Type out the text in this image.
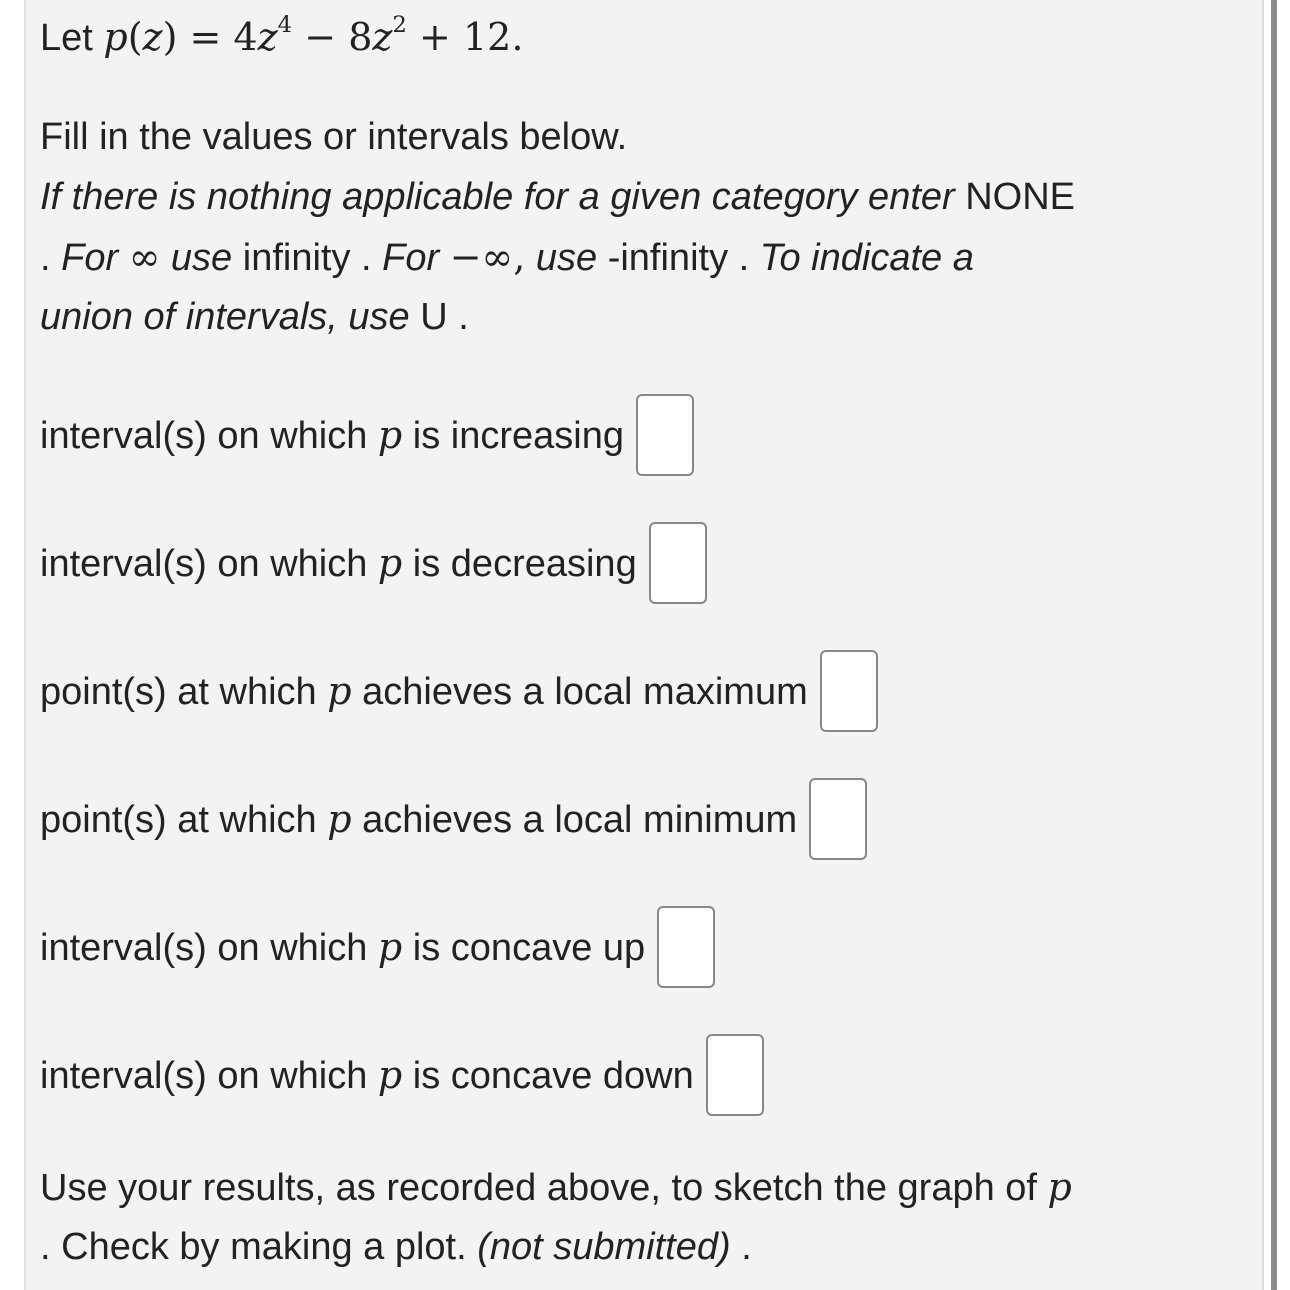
Let $p(z) = 4z^4 - 8z^2 + 12$.
Fill in the values or intervals below.
If there is nothing applicable for a given category enter NONE
. For ∞ use infinity . For −∞, use -infinity . To indicate a
union of intervals, use U .
interval(s) on which p is increasing
interval(s) on which p is decreasing
point(s) at which p achieves a local maximum
point(s) at which p achieves a local minimum
interval(s) on which p is concave up
interval(s) on which p is concave down
Use your results, as recorded above, to sketch the graph of p
. Check by making a plot. (not submitted) .
